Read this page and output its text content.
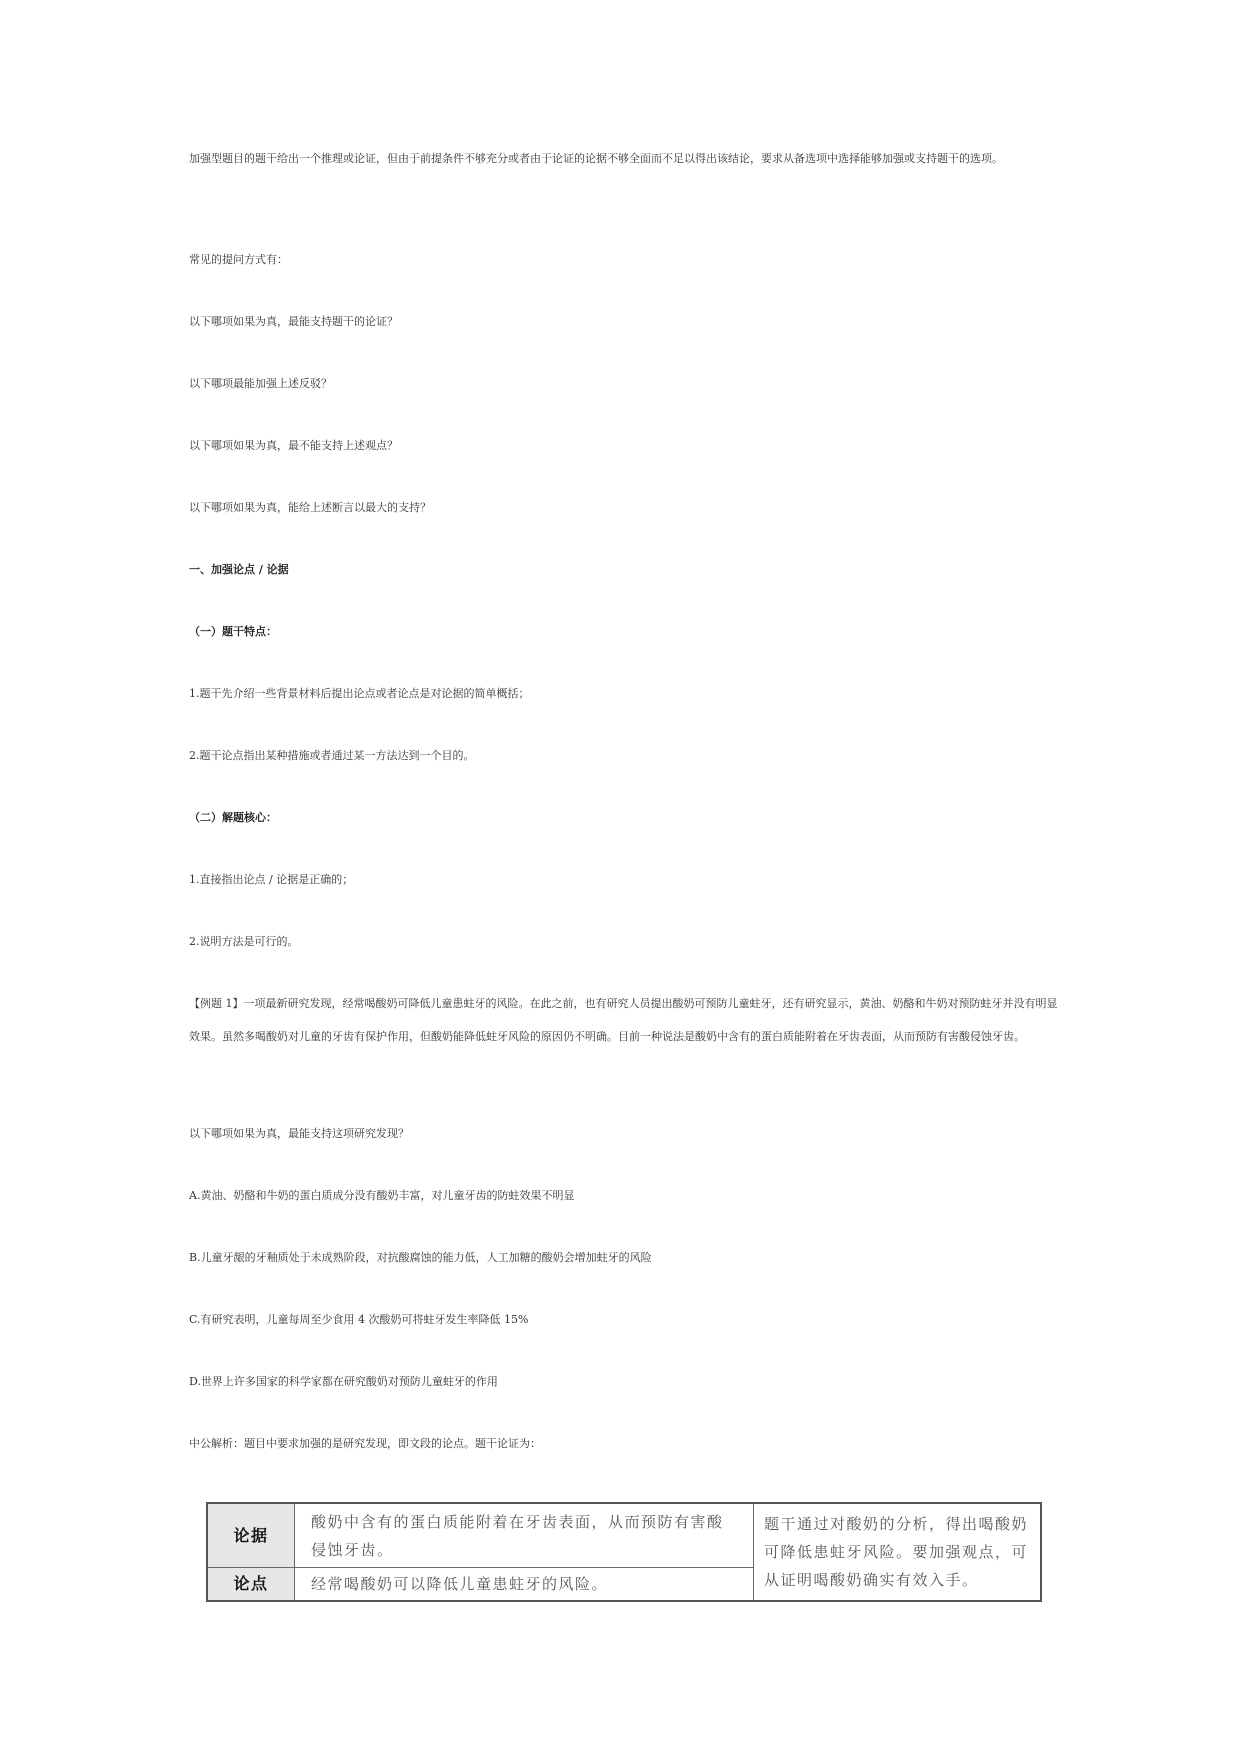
加强型题目的题干给出一个推理或论证，但由于前提条件不够充分或者由于论证的论据不够全面而不足以得出该结论，要求从备选项中选择能够加强或支持题干的选项。

常见的提问方式有：

以下哪项如果为真，最能支持题干的论证？

以下哪项最能加强上述反驳？

以下哪项如果为真，最不能支持上述观点？

以下哪项如果为真，能给上述断言以最大的支持？

一、加强论点 / 论据

（一）题干特点：

1.题干先介绍一些背景材料后提出论点或者论点是对论据的简单概括；

2.题干论点指出某种措施或者通过某一方法达到一个目的。

（二）解题核心：

1.直接指出论点 / 论据是正确的；

2.说明方法是可行的。

【例题 1】一项最新研究发现，经常喝酸奶可降低儿童患蛀牙的风险。在此之前，也有研究人员提出酸奶可预防儿童蛀牙，还有研究显示，黄油、奶酪和牛奶对预防蛀牙并没有明显效果。虽然多喝酸奶对儿童的牙齿有保护作用，但酸奶能降低蛀牙风险的原因仍不明确。目前一种说法是酸奶中含有的蛋白质能附着在牙齿表面，从而预防有害酸侵蚀牙齿。

以下哪项如果为真，最能支持这项研究发现？

A.黄油、奶酪和牛奶的蛋白质成分没有酸奶丰富，对儿童牙齿的防蛀效果不明显

B.儿童牙龈的牙釉质处于未成熟阶段，对抗酸腐蚀的能力低，人工加糖的酸奶会增加蛀牙的风险

C.有研究表明，儿童每周至少食用 4 次酸奶可将蛀牙发生率降低 15%

D.世界上许多国家的科学家都在研究酸奶对预防儿童蛀牙的作用

中公解析：题目中要求加强的是研究发现，即文段的论点。题干论证为：

论据
酸奶中含有的蛋白质能附着在牙齿表面，从而预防有害酸侵蚀牙齿。
题干通过对酸奶的分析，得出喝酸奶可降低患蛀牙风险。要加强观点，可从证明喝酸奶确实有效入手。
论点	经常喝酸奶可以降低儿童患蛀牙的风险。
